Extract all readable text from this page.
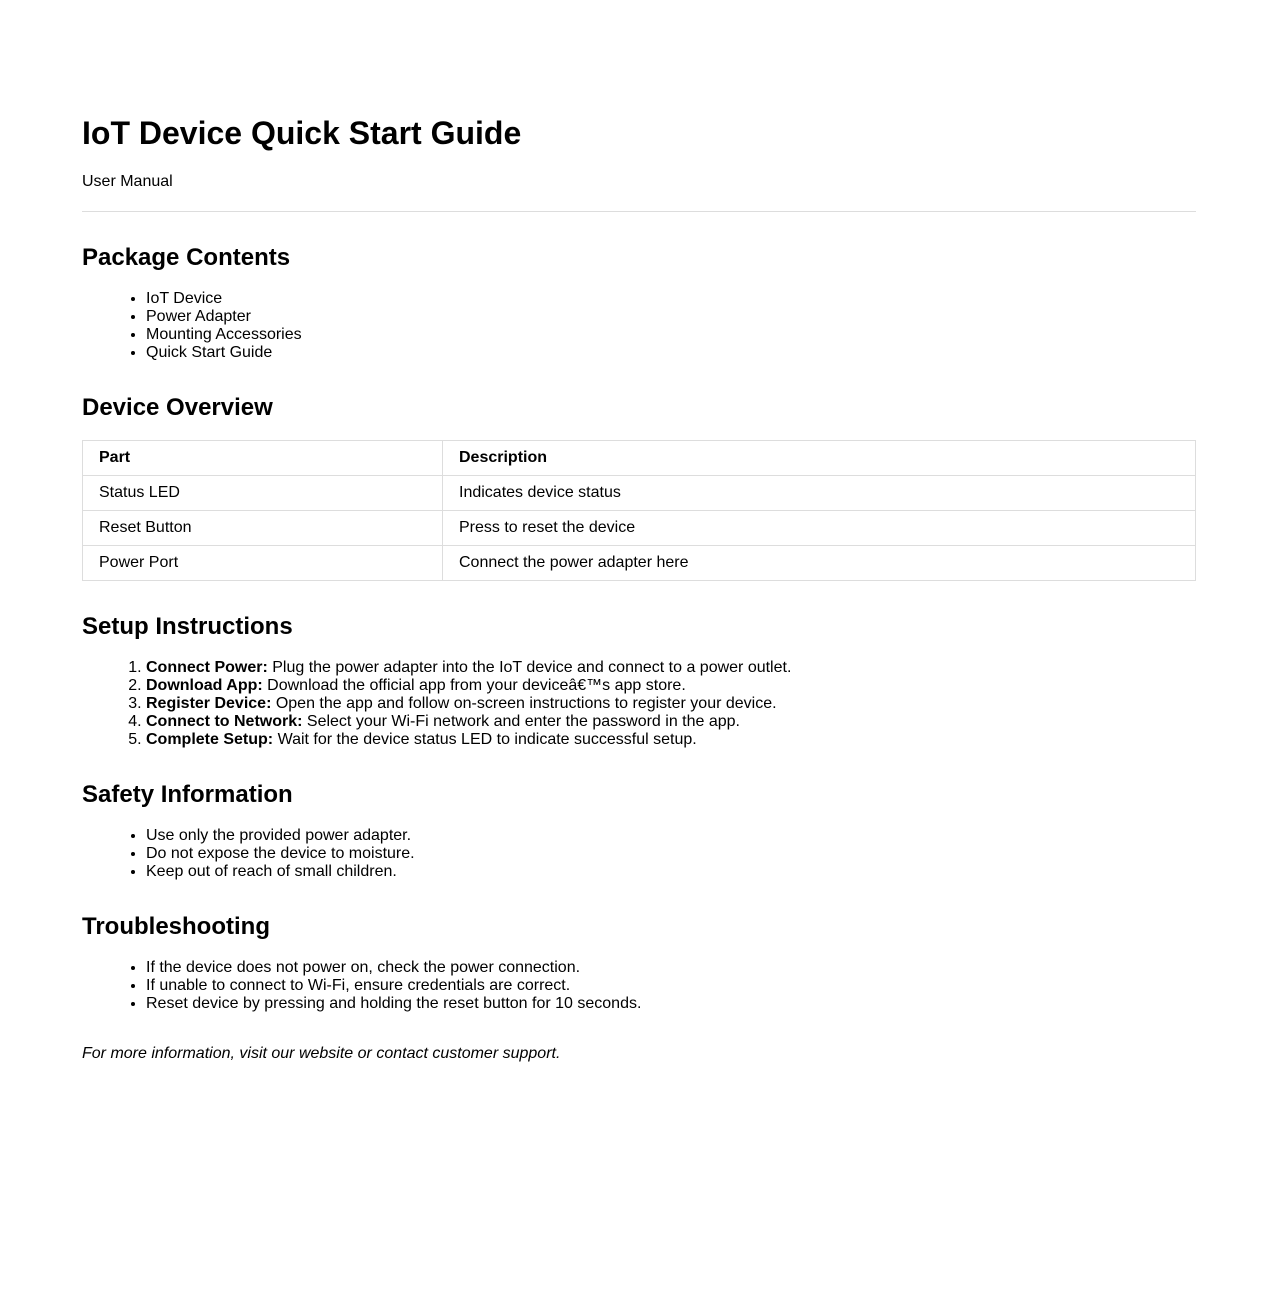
IoT Device Quick Start Guide

User Manual

Package Contents
• IoT Device
• Power Adapter
• Mounting Accessories
• Quick Start Guide
Device Overview
Part	Description
Status LED	Indicates device status
Reset Button	Press to reset the device
Power Port	Connect the power adapter here
Setup Instructions
1. Connect Power: Plug the power adapter into the IoT device and connect to a power outlet.
2. Download App: Download the official app from your deviceâ€™s app store.
3. Register Device: Open the app and follow on-screen instructions to register your device.
4. Connect to Network: Select your Wi-Fi network and enter the password in the app.
5. Complete Setup: Wait for the device status LED to indicate successful setup.
Safety Information
• Use only the provided power adapter.
• Do not expose the device to moisture.
• Keep out of reach of small children.
Troubleshooting
• If the device does not power on, check the power connection.
• If unable to connect to Wi-Fi, ensure credentials are correct.
• Reset device by pressing and holding the reset button for 10 seconds.

For more information, visit our website or contact customer support.
